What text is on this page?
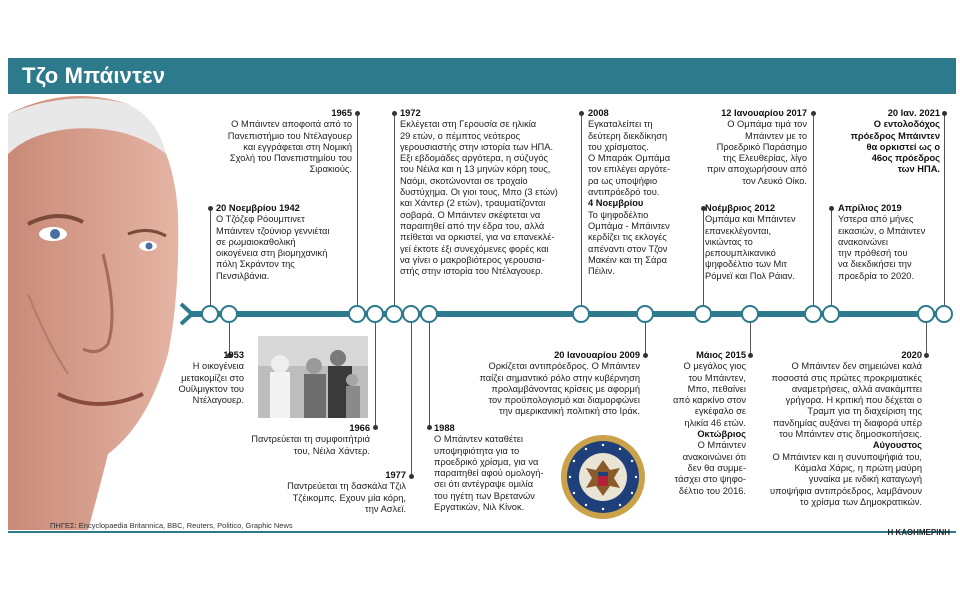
Τζο Μπάιντεν
20 Νοεμβρίου 1942
Ο Τζόζεφ Ρόουμπινετ
Μπάιντεν τζούνιορ γεννιέται
σε ρωμαιοκαθολική
οικογένεια στη βιομηχανική
πόλη Σκράντον της
Πενσιλβάνια.
1965
Ο Μπάιντεν αποφοιτά από το
Πανεπιστήμιο του Ντέλαγουερ
και εγγράφεται στη Νομική
Σχολή του Πανεπιστημίου του
Σιρακιούς.
1972
Εκλέγεται στη Γερουσία σε ηλικία
29 ετών, ο πέμπτος νεότερος
γερουσιαστής στην ιστορία των ΗΠΑ.
Εξι εβδομάδες αργότερα, η σύζυγός
του Νέιλα και η 13 μηνών κόρη τους,
Ναόμι, σκοτώνονται σε τροχαίο
δυστύχημα. Οι γιοι τους, Μπο (3 ετών)
και Χάντερ (2 ετών), τραυματίζονται
σοβαρά. Ο Μπάιντεν σκέφτεται να
παραιτηθεί από την έδρα του, αλλά
πείθεται να ορκιστεί, για να επανεκλέ-
γεί έκτοτε έξι συνεχόμενες φορές και
να γίνει ο μακροβιότερος γερουσια-
στής στην ιστορία του Ντέλαγουερ.
2008
Εγκαταλείπει τη
δεύτερη διεκδίκηση
του χρίσματος.
Ο Μπαράκ Ομπάμα
τον επιλέγει αργότε-
ρα ως υποψήφιο
αντιπρόεδρό του.
4 Νοεμβρίου
Το ψηφοδέλτιο
Ομπάμα - Μπάιντεν
κερδίζει τις εκλογές
απέναντι στον Τζον
Μακέιν και τη Σάρα
Πέιλιν.
Νοέμβριος 2012
Ομπάμα και Μπάιντεν
επανεκλέγονται,
νικώντας το
ρεπουμπλικανικό
ψηφοδέλτιο των Μιτ
Ρόμνεϊ και Πολ Ράιαν.
12 Ιανουαρίου 2017
Ο Ομπάμα τιμά τον
Μπάιντεν με το
Προεδρικό Παράσημο
της Ελευθερίας, λίγο
πριν αποχωρήσουν από
τον Λευκό Οίκο.
Απρίλιος 2019
Υστερα από μήνες
εικασιών, ο Μπάιντεν
ανακοινώνει
την πρόθεσή του
να διεκδικήσει την
προεδρία το 2020.
20 Ιαν. 2021
Ο εντολοδόχος
πρόεδρος Μπάιντεν
θα ορκιστεί ως ο
46ος πρόεδρος
των ΗΠΑ.
1953
Η οικογένεια
μετακομίζει στο
Ουίλμιγκτον του
Ντέλαγουερ.
1966
Παντρεύεται τη συμφοιτήτριά
του, Νέιλα Χάντερ.
1977
Παντρεύεται τη δασκάλα Τζιλ
Τζέικομπς. Εχουν μία κόρη,
την Ασλεϊ.
1988
Ο Μπάιντεν καταθέτει
υποψηφιότητα για το
προεδρικό χρίσμα, για να
παραιτηθεί αφού ομολογή-
σει ότι αντέγραψε ομιλία
του ηγέτη των Βρετανών
Εργατικών, Νιλ Κίνοκ.
20 Ιανουαρίου 2009
Ορκίζεται αντιπρόεδρος. Ο Μπάιντεν
παίζει σημαντικό ρόλο στην κυβέρνηση
προλαμβάνοντας κρίσεις με αφορμή
τον προϋπολογισμό και διαμορφώνει
την αμερικανική πολιτική στο Ιράκ.
Μάιος 2015
Ο μεγάλος γιος
του Μπάιντεν,
Μπο, πεθαίνει
από καρκίνο στον
εγκέφαλο σε
ηλικία 46 ετών.
Οκτώβριος
Ο Μπάιντεν
ανακοινώνει ότι
δεν θα συμμε-
τάσχει στο ψηφο-
δέλτιο του 2016.
2020
Ο Μπάιντεν δεν σημειώνει καλά
ποσοστά στις πρώτες προκριματικές
αναμετρήσεις, αλλά ανακάμπτει
γρήγορα. Η κριτική που δέχεται ο
Τραμπ για τη διαχείριση της
πανδημίας αυξάνει τη διαφορά υπέρ
του Μπάιντεν στις δημοσκοπήσεις.
Αύγουστος
Ο Μπάιντεν και η συνυποψήφιά του,
Κάμαλα Χάρις, η πρώτη μαύρη
γυναίκα με ινδική καταγωγή
υποψήφια αντιπρόεδρος, λαμβάνουν
το χρίσμα των Δημοκρατικών.
ΠΗΓΕΣ: Encyclopaedia Britannica, BBC, Reuters, Politico, Graphic News
Η ΚΑΘΗΜΕΡΙΝΗ
